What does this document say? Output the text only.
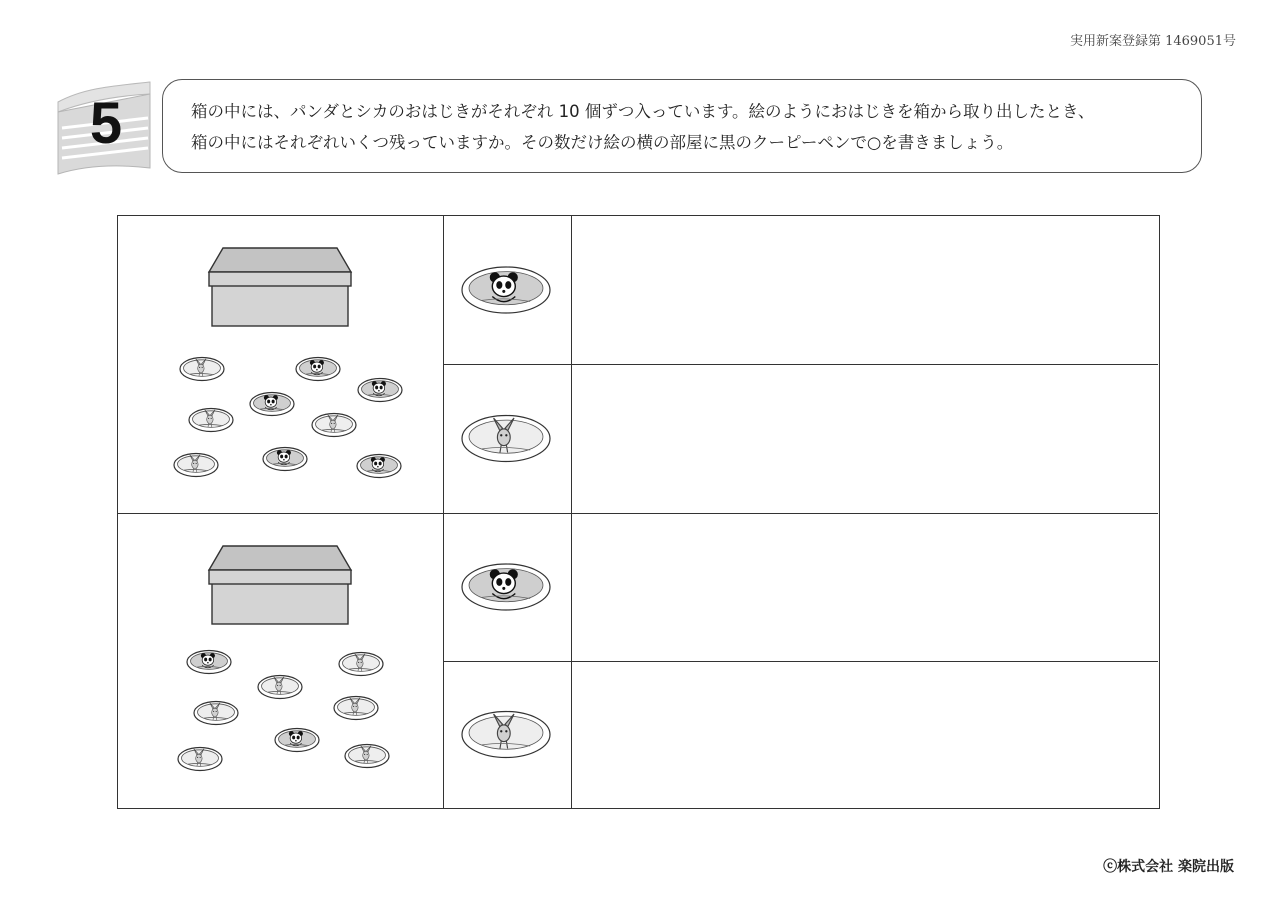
実用新案登録第 1469051号
5	箱の中には、パンダとシカのおはじきがそれぞれ 10 個ずつ入っています。絵のようにおはじきを箱から取り出したとき、
箱の中にはそれぞれいくつ残っていますか。その数だけ絵の横の部屋に黒のクーピーペンで○を書きましょう。
ⓒ株式会社 楽院出版
